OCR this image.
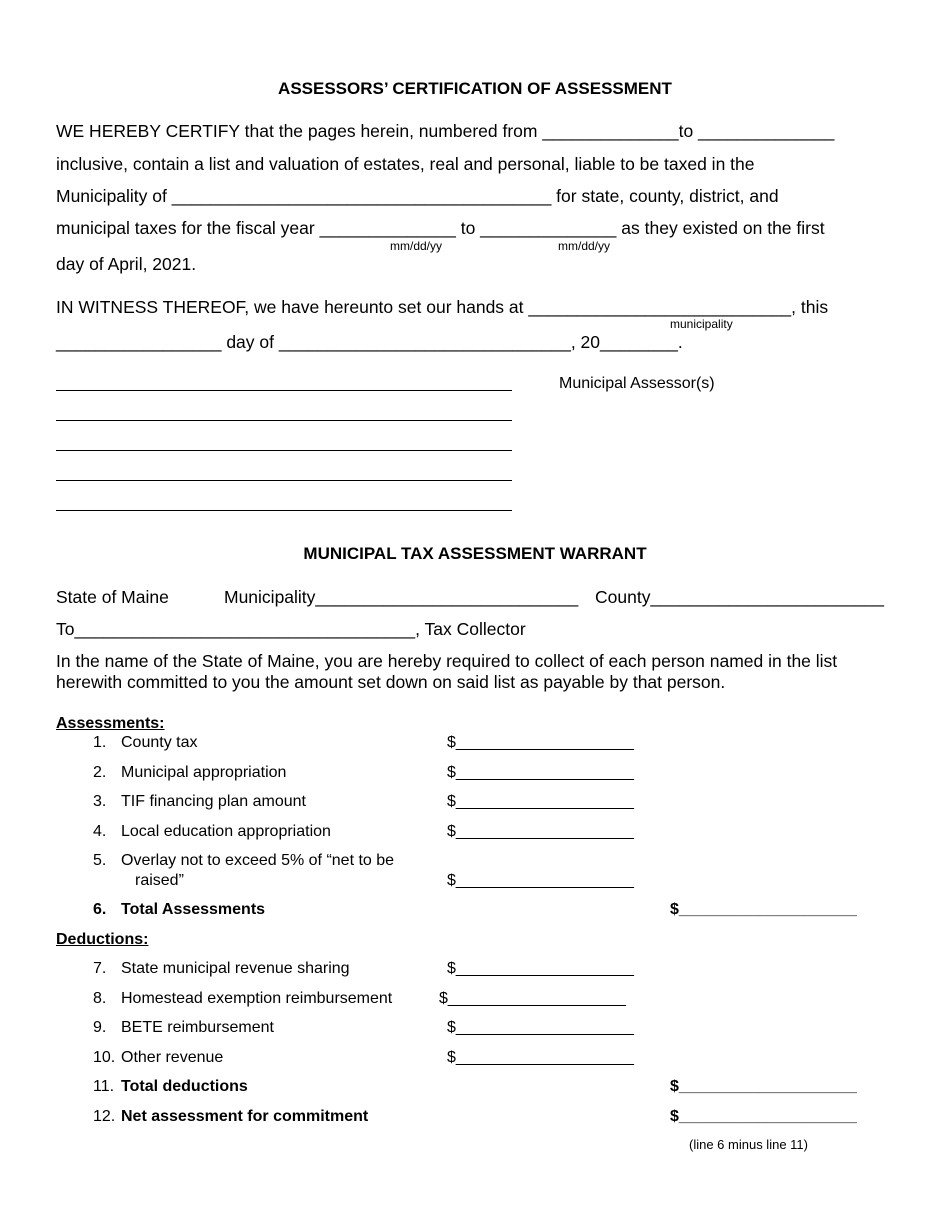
ASSESSORS’ CERTIFICATION OF ASSESSMENT
WE HEREBY CERTIFY that the pages herein, numbered from ______________to ______________
inclusive, contain a list and valuation of estates, real and personal, liable to be taxed in the
Municipality of _______________________________________ for state, county, district, and
municipal taxes for the fiscal year ______________ to ______________ as they existed on the first
mm/dd/yy	mm/dd/yy
day of April, 2021.
IN WITNESS THEREOF, we have hereunto set our hands at ___________________________, this
municipality
_________________ day of ______________________________, 20________.
Municipal Assessor(s)
MUNICIPAL TAX ASSESSMENT WARRANT
State of Maine	Municipality___________________________ County________________________
To___________________________________, Tax Collector
In the name of the State of Maine, you are hereby required to collect of each person named in the list herewith committed to you the amount set down on said list as payable by that person.
Assessments:
1. County tax	$____________________
2. Municipal appropriation	$____________________
3. TIF financing plan amount	$____________________
4. Local education appropriation	$____________________
5. Overlay not to exceed 5% of “net to be
raised”	$____________________
6. Total Assessments	$____________________
Deductions:
7. State municipal revenue sharing	$____________________
8. Homestead exemption reimbursement	$____________________
9. BETE reimbursement	$____________________
10. Other revenue	$____________________
11. Total deductions	$____________________
12. Net assessment for commitment	$____________________
(line 6 minus line 11)
